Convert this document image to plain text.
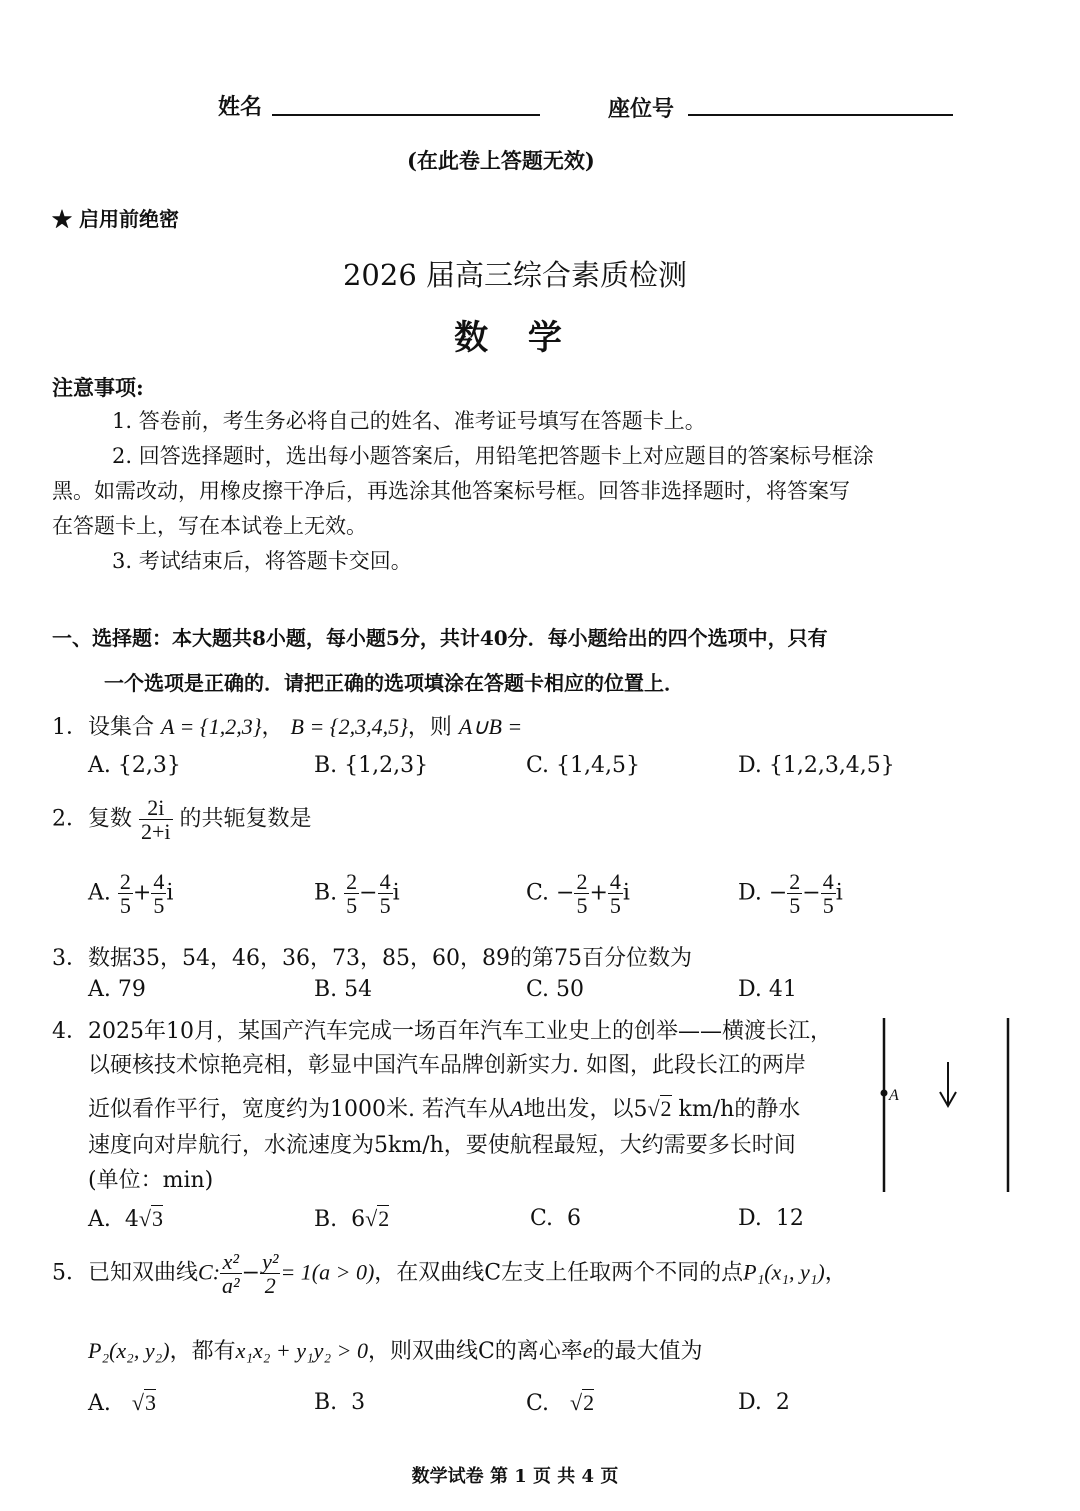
姓名	座位号
(在此卷上答题无效)
★ 启用前绝密
2026 届高三综合素质检测
数 学
注意事项:
1. 答卷前，考生务必将自己的姓名、准考证号填写在答题卡上。
2. 回答选择题时，选出每小题答案后，用铅笔把答题卡上对应题目的答案标号框涂
黑。如需改动，用橡皮擦干净后，再选涂其他答案标号框。回答非选择题时，将答案写
在答题卡上，写在本试卷上无效。
3. 考试结束后，将答题卡交回。
一、选择题：本大题共8小题，每小题5分，共计40分．每小题给出的四个选项中，只有
一个选项是正确的．请把正确的选项填涂在答题卡相应的位置上．
1．设集合 A = {1,2,3}， B = {2,3,4,5}，则 A∪B =
A. {2,3}	B. {1,2,3}	C. {1,4,5}	D. {1,2,3,4,5}
2．复数 $\frac{2i}{2+i}$ 的共轭复数是
A. $\frac{2}{5} + \frac{4}{5}$ i	B. $\frac{2}{5} - \frac{4}{5}$ i	C. − $\frac{2}{5} + \frac{4}{5}$ i	D. − $\frac{2}{5} - \frac{4}{5}$ i
3．数据35，54，46，36，73，85，60，89的第75百分位数为
A. 79	B. 54	C. 50	D. 41
4．2025年10月，某国产汽车完成一场百年汽车工业史上的创举——横渡长江，
以硬核技术惊艳亮相，彰显中国汽车品牌创新实力. 如图，此段长江的两岸
近似看作平行，宽度约为1000米. 若汽车从A地出发，以5√2 km/h的静水
速度向对岸航行，水流速度为5km/h，要使航程最短，大约需要多长时间
(单位：min)
A
A. 4√3	B. 6√2	C. 6	D. 12
5．已知双曲线C: $\frac{\text{x²}}{\text{a²}} - \frac{\text{y²}}{2} = 1(a > 0)$，在双曲线C左支上任取两个不同的点P₁(x₁, y₁)，
P₂(x₂, y₂)，都有x₁x₂ + y₁y₂ > 0，则双曲线C的离心率e的最大值为
A. √3	B. 3	C. √2	D. 2
数学试卷 第 1 页 共 4 页
